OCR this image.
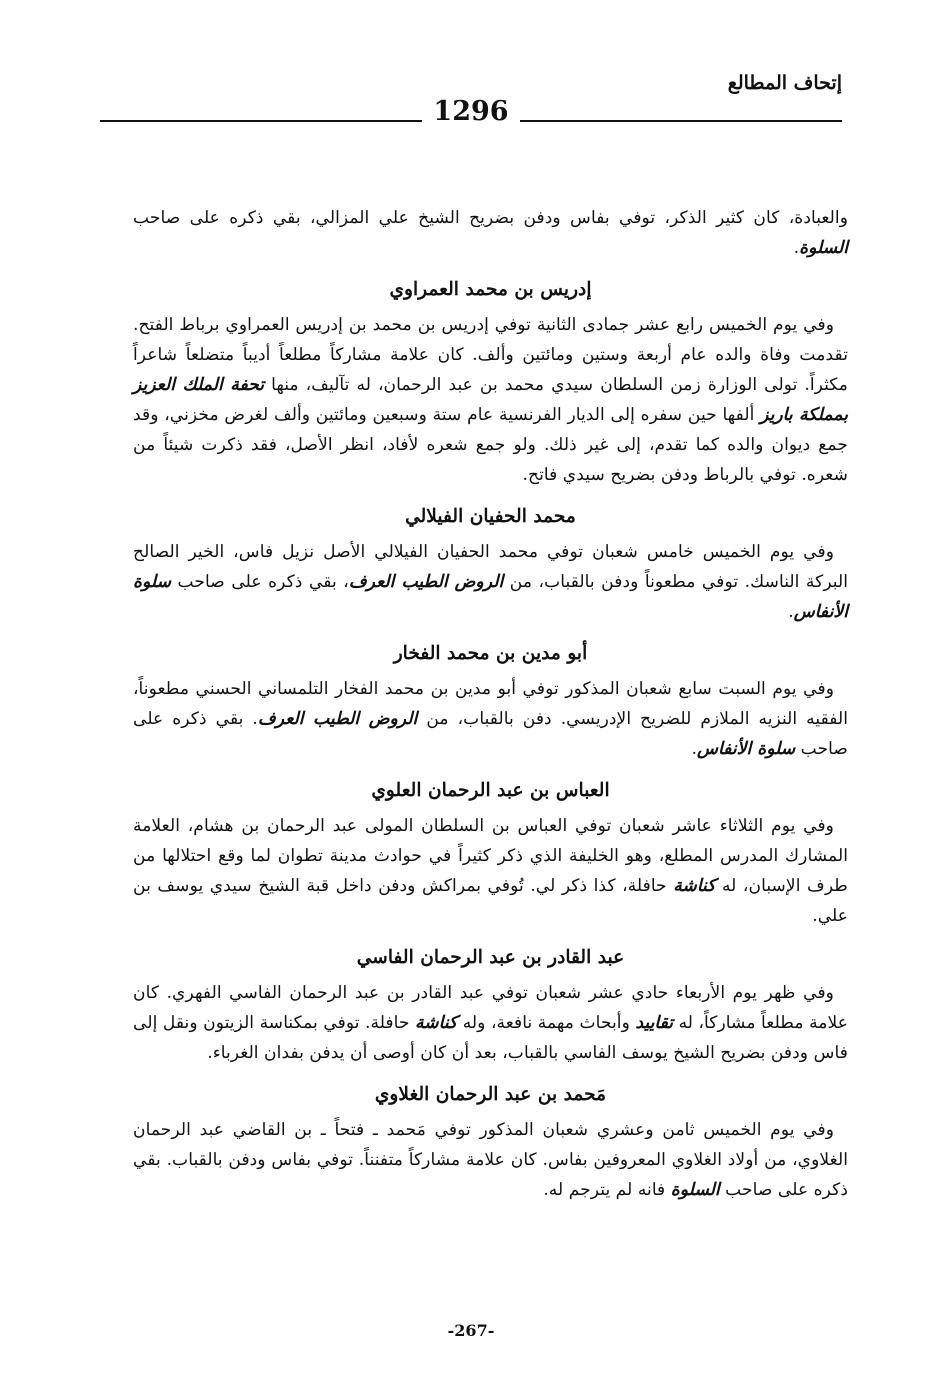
إتحاف المطالع
1296

والعبادة، كان كثير الذكر، توفي بفاس ودفن بضريح الشيخ علي المزالي، بقي ذكره على صاحب السلوة.

إدريس بن محمد العمراوي

وفي يوم الخميس رابع عشر جمادى الثانية توفي إدريس بن محمد بن إدريس العمراوي برباط الفتح. تقدمت وفاة والده عام أربعة وستين ومائتين وألف. كان علامة مشاركاً مطلعاً أديباً متضلعاً شاعراً مكثراً. تولى الوزارة زمن السلطان سيدي محمد بن عبد الرحمان، له تآليف، منها تحفة الملك العزيز بمملكة باريز ألفها حين سفره إلى الديار الفرنسية عام ستة وسبعين ومائتين وألف لغرض مخزني، وقد جمع ديوان والده كما تقدم، إلى غير ذلك. ولو جمع شعره لأفاد، انظر الأصل، فقد ذكرت شيئاً من شعره. توفي بالرباط ودفن بضريح سيدي فاتح.

محمد الحفيان الفيلالي

وفي يوم الخميس خامس شعبان توفي محمد الحفيان الفيلالي الأصل نزيل فاس، الخير الصالح البركة الناسك. توفي مطعوناً ودفن بالقباب، من الروض الطيب العرف، بقي ذكره على صاحب سلوة الأنفاس.

أبو مدين بن محمد الفخار

وفي يوم السبت سابع شعبان المذكور توفي أبو مدين بن محمد الفخار التلمساني الحسني مطعوناً، الفقيه النزيه الملازم للضريح الإدريسي. دفن بالقباب، من الروض الطيب العرف. بقي ذكره على صاحب سلوة الأنفاس.

العباس بن عبد الرحمان العلوي

وفي يوم الثلاثاء عاشر شعبان توفي العباس بن السلطان المولى عبد الرحمان بن هشام، العلامة المشارك المدرس المطلع، وهو الخليفة الذي ذكر كثيراً في حوادث مدينة تطوان لما وقع احتلالها من طرف الإسبان، له كناشة حافلة، كذا ذكر لي. تُوفي بمراكش ودفن داخل قبة الشيخ سيدي يوسف بن علي.

عبد القادر بن عبد الرحمان الفاسي

وفي ظهر يوم الأربعاء حادي عشر شعبان توفي عبد القادر بن عبد الرحمان الفاسي الفهري. كان علامة مطلعاً مشاركاً، له تقاييد وأبحاث مهمة نافعة، وله كناشة حافلة. توفي بمكناسة الزيتون ونقل إلى فاس ودفن بضريح الشيخ يوسف الفاسي بالقباب، بعد أن كان أوصى أن يدفن بفدان الغرباء.

مَحمد بن عبد الرحمان الغلاوي

وفي يوم الخميس ثامن وعشري شعبان المذكور توفي مَحمد ـ فتحاً ـ بن القاضي عبد الرحمان الغلاوي، من أولاد الغلاوي المعروفين بفاس. كان علامة مشاركاً متفنناً. توفي بفاس ودفن بالقباب. بقي ذكره على صاحب السلوة فانه لم يترجم له.

-267-
